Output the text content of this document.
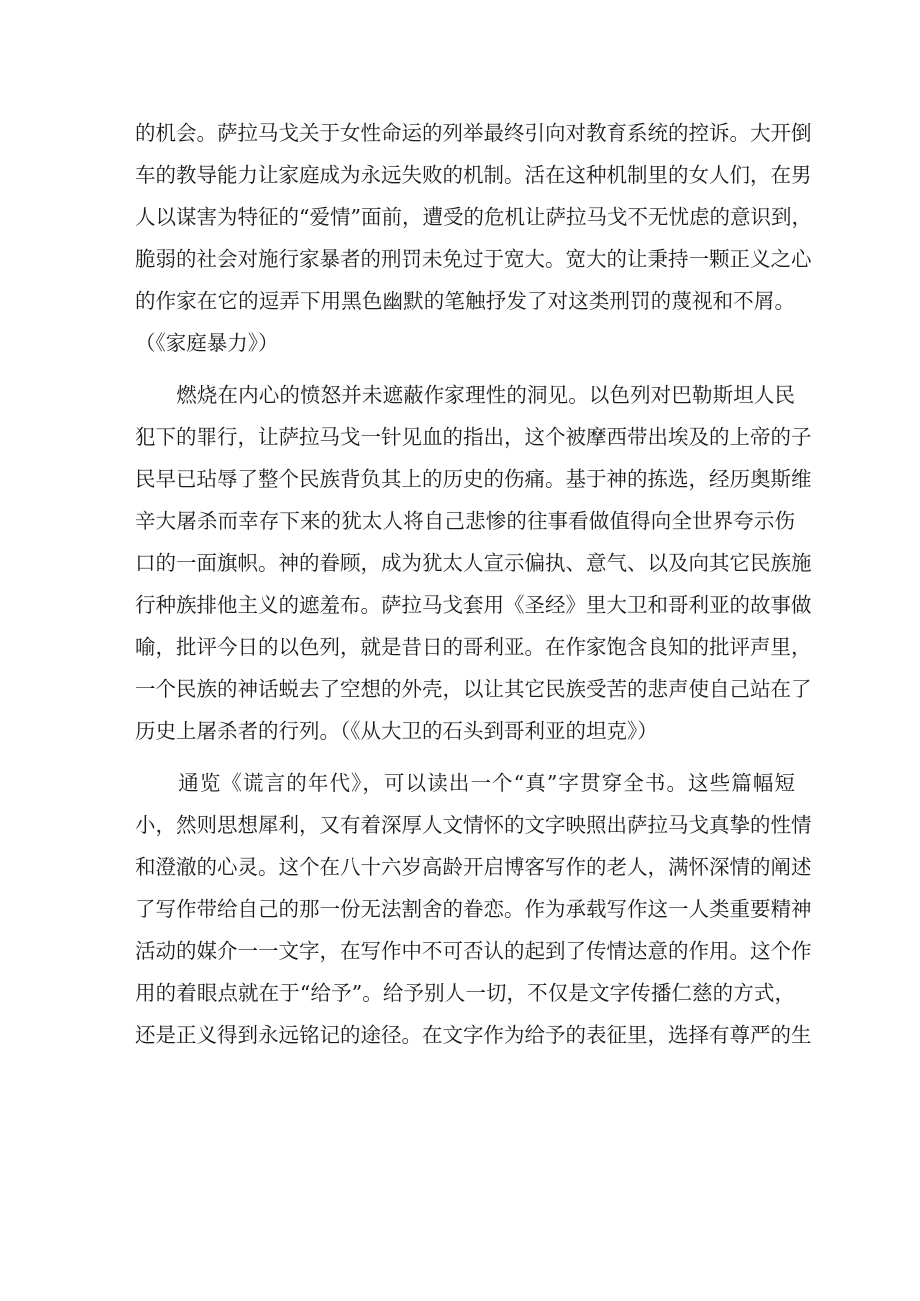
的机会。萨拉马戈关于女性命运的列举最终引向对教育系统的控诉。大开倒
车的教导能力让家庭成为永远失败的机制。活在这种机制里的女人们，在男
人以谋害为特征的“爱情”面前，遭受的危机让萨拉马戈不无忧虑的意识到，
脆弱的社会对施行家暴者的刑罚未免过于宽大。宽大的让秉持一颗正义之心
的作家在它的逗弄下用黑色幽默的笔触抒发了对这类刑罚的蔑视和不屑。
（《家庭暴力》）
　　燃烧在内心的愤怒并未遮蔽作家理性的洞见。以色列对巴勒斯坦人民
犯下的罪行，让萨拉马戈一针见血的指出，这个被摩西带出埃及的上帝的子
民早已玷辱了整个民族背负其上的历史的伤痛。基于神的拣选，经历奥斯维
辛大屠杀而幸存下来的犹太人将自己悲惨的往事看做值得向全世界夸示伤
口的一面旗帜。神的眷顾，成为犹太人宣示偏执、意气、以及向其它民族施
行种族排他主义的遮羞布。萨拉马戈套用《圣经》里大卫和哥利亚的故事做
喻，批评今日的以色列，就是昔日的哥利亚。在作家饱含良知的批评声里，
一个民族的神话蜕去了空想的外壳，以让其它民族受苦的悲声使自己站在了
历史上屠杀者的行列。（《从大卫的石头到哥利亚的坦克》）
　　通览《谎言的年代》，可以读出一个“真”字贯穿全书。这些篇幅短
小，然则思想犀利，又有着深厚人文情怀的文字映照出萨拉马戈真挚的性情
和澄澈的心灵。这个在八十六岁高龄开启博客写作的老人，满怀深情的阐述
了写作带给自己的那一份无法割舍的眷恋。作为承载写作这一人类重要精神
活动的媒介一一文字，在写作中不可否认的起到了传情达意的作用。这个作
用的着眼点就在于“给予”。给予别人一切，不仅是文字传播仁慈的方式，
还是正义得到永远铭记的途径。在文字作为给予的表征里，选择有尊严的生
